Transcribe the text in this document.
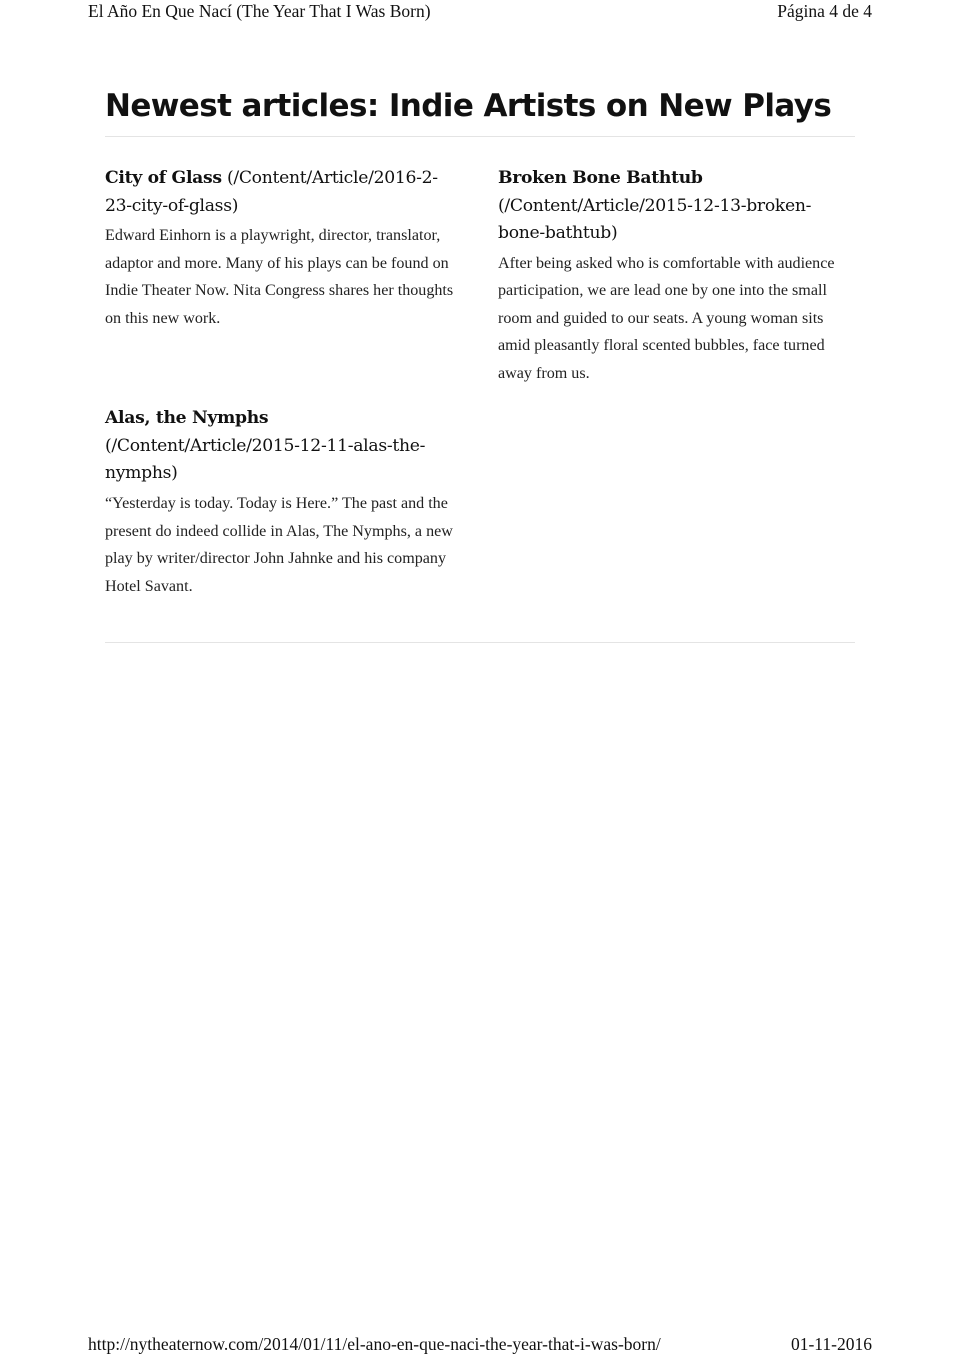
El Año En Que Nací (The Year That I Was Born)	Página 4 de 4
Newest articles: Indie Artists on New Plays
City of Glass (/Content/Article/2016-2-23-city-of-glass)
Edward Einhorn is a playwright, director, translator, adaptor and more. Many of his plays can be found on Indie Theater Now. Nita Congress shares her thoughts on this new work.
Broken Bone Bathtub (/Content/Article/2015-12-13-broken-bone-bathtub)
After being asked who is comfortable with audience participation, we are lead one by one into the small room and guided to our seats. A young woman sits amid pleasantly floral scented bubbles, face turned away from us.
Alas, the Nymphs (/Content/Article/2015-12-11-alas-the-nymphs)
“Yesterday is today. Today is Here.” The past and the present do indeed collide in Alas, The Nymphs, a new play by writer/director John Jahnke and his company Hotel Savant.
http://nytheaternow.com/2014/01/11/el-ano-en-que-naci-the-year-that-i-was-born/	01-11-2016
